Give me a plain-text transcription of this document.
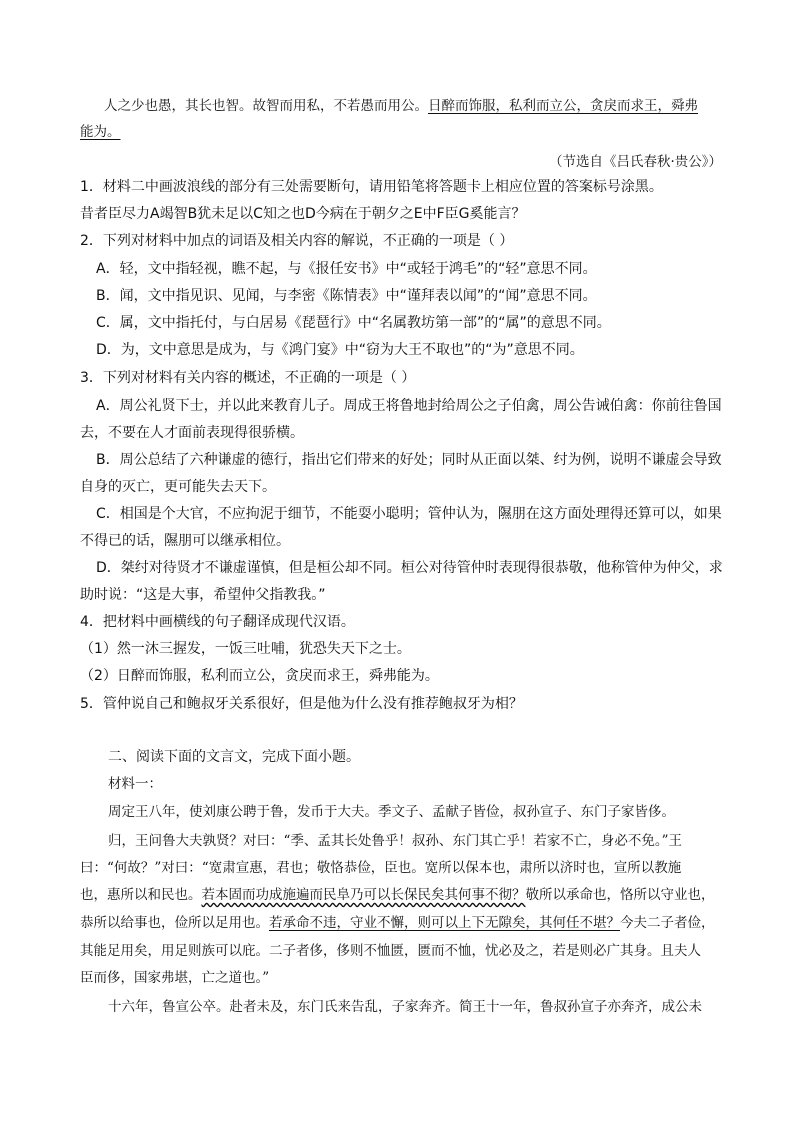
人之少也愚，其长也智。故智而用私，不若愚而用公。日醉而饰服，私利而立公，贪戾而求王，舜弗
能为。
（节选自《吕氏春秋·贵公》）
1．材料二中画波浪线的部分有三处需要断句，请用铅笔将答题卡上相应位置的答案标号涂黑。
昔者臣尽力A竭智B犹未足以C知之也D今病在于朝夕之E中F臣G奚能言？
2．下列对材料中加点的词语及相关内容的解说，不正确的一项是（ ）
A．轻，文中指轻视，瞧不起，与《报任安书》中“或轻于鸿毛”的“轻”意思不同。
B．闻，文中指见识、见闻，与李密《陈情表》中“谨拜表以闻”的“闻”意思不同。
C．属，文中指托付，与白居易《琵琶行》中“名属教坊第一部”的“属”的意思不同。
D．为，文中意思是成为，与《鸿门宴》中“窃为大王不取也”的“为”意思不同。
3．下列对材料有关内容的概述，不正确的一项是（ ）
A．周公礼贤下士，并以此来教育儿子。周成王将鲁地封给周公之子伯禽，周公告诫伯禽：你前往鲁国
去，不要在人才面前表现得很骄横。
B．周公总结了六种谦虚的德行，指出它们带来的好处；同时从正面以桀、纣为例，说明不谦虚会导致
自身的灭亡，更可能失去天下。
C．相国是个大官，不应拘泥于细节，不能耍小聪明；管仲认为，隰朋在这方面处理得还算可以，如果
不得已的话，隰朋可以继承相位。
D．桀纣对待贤才不谦虚谨慎，但是桓公却不同。桓公对待管仲时表现得很恭敬，他称管仲为仲父，求
助时说：“这是大事，希望仲父指教我。”
4．把材料中画横线的句子翻译成现代汉语。
（1）然一沐三握发，一饭三吐哺，犹恐失天下之士。
（2）日醉而饰服，私利而立公，贪戾而求王，舜弗能为。
5．管仲说自己和鲍叔牙关系很好，但是他为什么没有推荐鲍叔牙为相？
二、阅读下面的文言文，完成下面小题。
材料一：
周定王八年，使刘康公聘于鲁，发币于大夫。季文子、孟献子皆俭，叔孙宣子、东门子家皆侈。
归，王问鲁大夫孰贤？对曰：“季、孟其长处鲁乎！叔孙、东门其亡乎！若家不亡，身必不免。”王
曰：“何故？”对曰：“宽肃宣惠，君也；敬恪恭俭，臣也。宽所以保本也，肃所以济时也，宣所以教施
也，惠所以和民也。若本固而功成施遍而民阜乃可以长保民矣其何事不彻？敬所以承命也，恪所以守业也，
恭所以给事也，俭所以足用也。若承命不违，守业不懈，则可以上下无隙矣，其何任不堪？今夫二子者俭，
其能足用矣，用足则族可以庇。二子者侈，侈则不恤匮，匮而不恤，忧必及之，若是则必广其身。且夫人
臣而侈，国家弗堪，亡之道也。”
十六年，鲁宣公卒。赴者未及，东门氏来告乱，子家奔齐。简王十一年，鲁叔孙宣子亦奔齐，成公未
